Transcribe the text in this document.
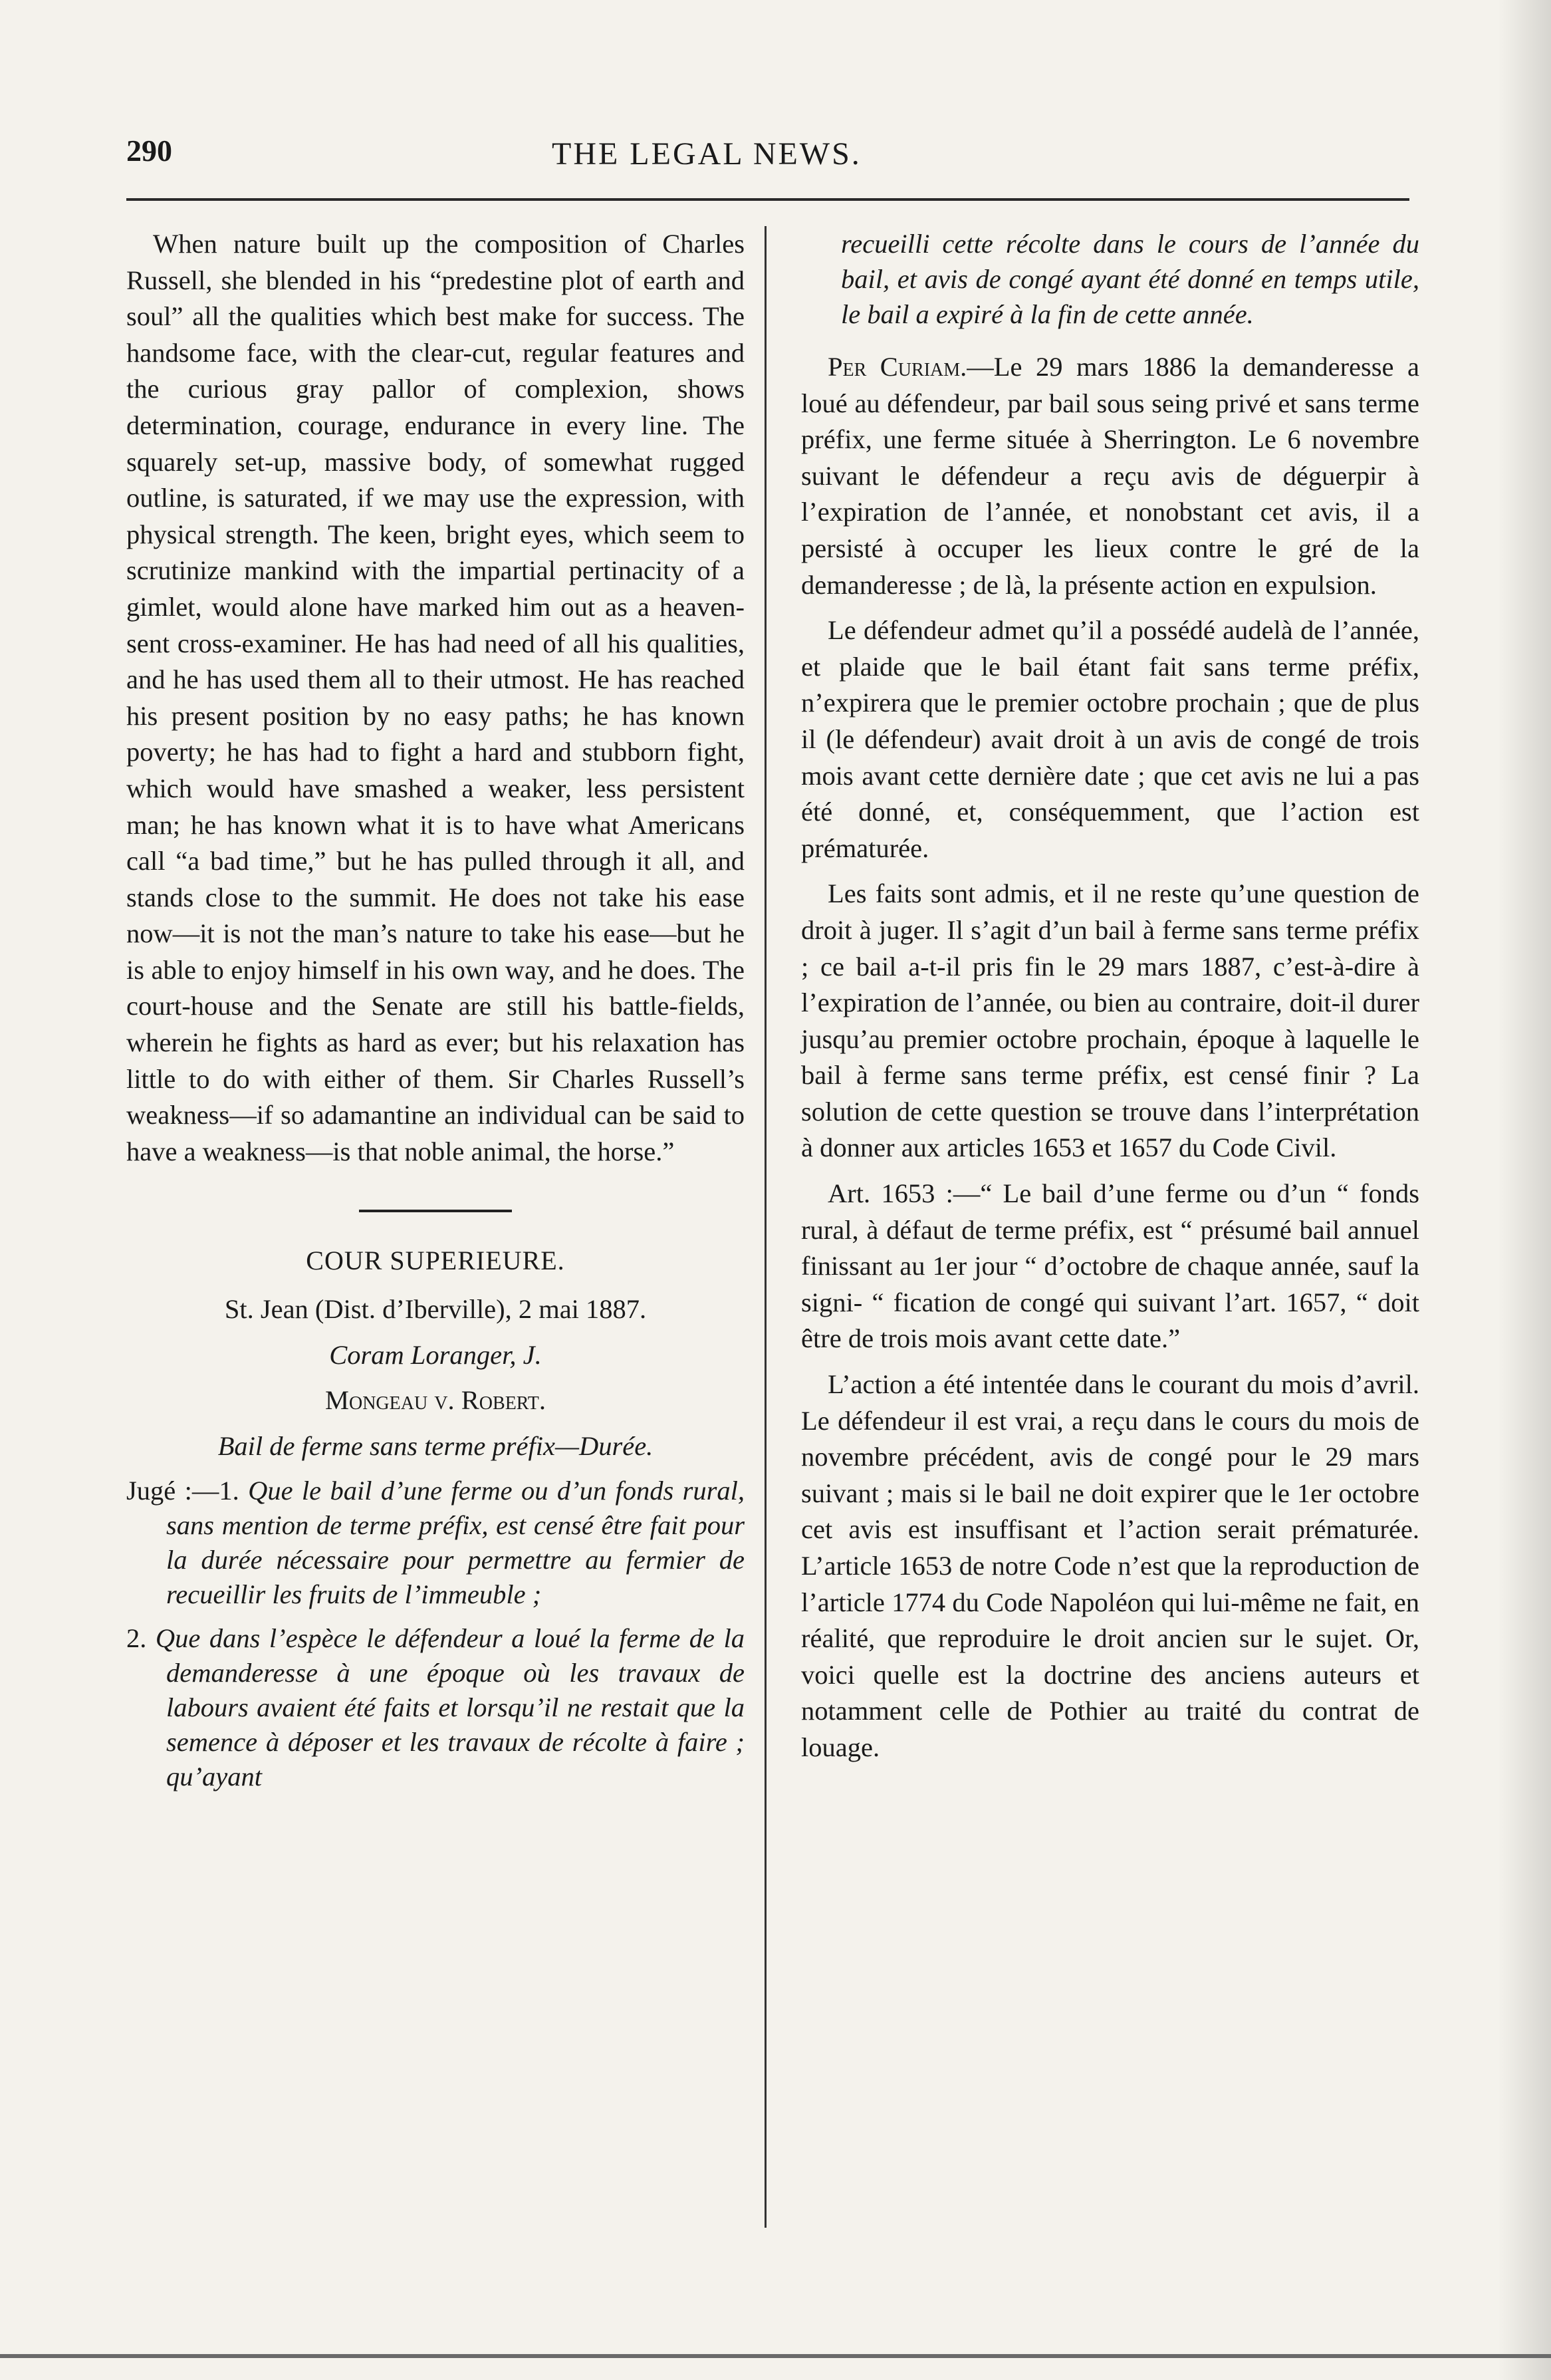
290	THE LEGAL NEWS.

When nature built up the composition of Charles Russell, she blended in his “predestine plot of earth and soul” all the qualities which best make for success. The handsome face, with the clear-cut, regular features and the curious gray pallor of complexion, shows determination, courage, endurance in every line. The squarely set-up, massive body, of somewhat rugged outline, is saturated, if we may use the expression, with physical strength. The keen, bright eyes, which seem to scrutinize mankind with the impartial pertinacity of a gimlet, would alone have marked him out as a heaven-sent cross-examiner. He has had need of all his qualities, and he has used them all to their utmost. He has reached his present position by no easy paths; he has known poverty; he has had to fight a hard and stubborn fight, which would have smashed a weaker, less persistent man; he has known what it is to have what Americans call “a bad time,” but he has pulled through it all, and stands close to the summit. He does not take his ease now—it is not the man’s nature to take his ease—but he is able to enjoy himself in his own way, and he does. The court-house and the Senate are still his battle-fields, wherein he fights as hard as ever; but his relaxation has little to do with either of them. Sir Charles Russell’s weakness—if so adamantine an individual can be said to have a weakness—is that noble animal, the horse.”

COUR SUPERIEURE.

St. Jean (Dist. d’Iberville), 2 mai 1887.

Coram Loranger, J.

Mongeau v. Robert.

Bail de ferme sans terme préfix—Durée.

Jugé :—1. Que le bail d’une ferme ou d’un fonds rural, sans mention de terme préfix, est censé être fait pour la durée nécessaire pour permettre au fermier de recueillir les fruits de l’immeuble ;

2. Que dans l’espèce le défendeur a loué la ferme de la demanderesse à une époque où les travaux de labours avaient été faits et lorsqu’il ne restait que la semence à déposer et les travaux de récolte à faire ; qu’ayant

recueilli cette récolte dans le cours de l’année du bail, et avis de congé ayant été donné en temps utile, le bail a expiré à la fin de cette année.

Per Curiam.—Le 29 mars 1886 la demanderesse a loué au défendeur, par bail sous seing privé et sans terme préfix, une ferme située à Sherrington. Le 6 novembre suivant le défendeur a reçu avis de déguerpir à l’expiration de l’année, et nonobstant cet avis, il a persisté à occuper les lieux contre le gré de la demanderesse ; de là, la présente action en expulsion.

Le défendeur admet qu’il a possédé audelà de l’année, et plaide que le bail étant fait sans terme préfix, n’expirera que le premier octobre prochain ; que de plus il (le défendeur) avait droit à un avis de congé de trois mois avant cette dernière date ; que cet avis ne lui a pas été donné, et, conséquemment, que l’action est prématurée.

Les faits sont admis, et il ne reste qu’une question de droit à juger. Il s’agit d’un bail à ferme sans terme préfix ; ce bail a-t-il pris fin le 29 mars 1887, c’est-à-dire à l’expiration de l’année, ou bien au contraire, doit-il durer jusqu’au premier octobre prochain, époque à laquelle le bail à ferme sans terme préfix, est censé finir ? La solution de cette question se trouve dans l’interprétation à donner aux articles 1653 et 1657 du Code Civil.

Art. 1653 :—“ Le bail d’une ferme ou d’un “ fonds rural, à défaut de terme préfix, est “ présumé bail annuel finissant au 1er jour “ d’octobre de chaque année, sauf la signi- “ fication de congé qui suivant l’art. 1657, “ doit être de trois mois avant cette date.”

L’action a été intentée dans le courant du mois d’avril. Le défendeur il est vrai, a reçu dans le cours du mois de novembre précédent, avis de congé pour le 29 mars suivant ; mais si le bail ne doit expirer que le 1er octobre cet avis est insuffisant et l’action serait prématurée. L’article 1653 de notre Code n’est que la reproduction de l’article 1774 du Code Napoléon qui lui-même ne fait, en réalité, que reproduire le droit ancien sur le sujet. Or, voici quelle est la doctrine des anciens auteurs et notamment celle de Pothier au traité du contrat de louage.
